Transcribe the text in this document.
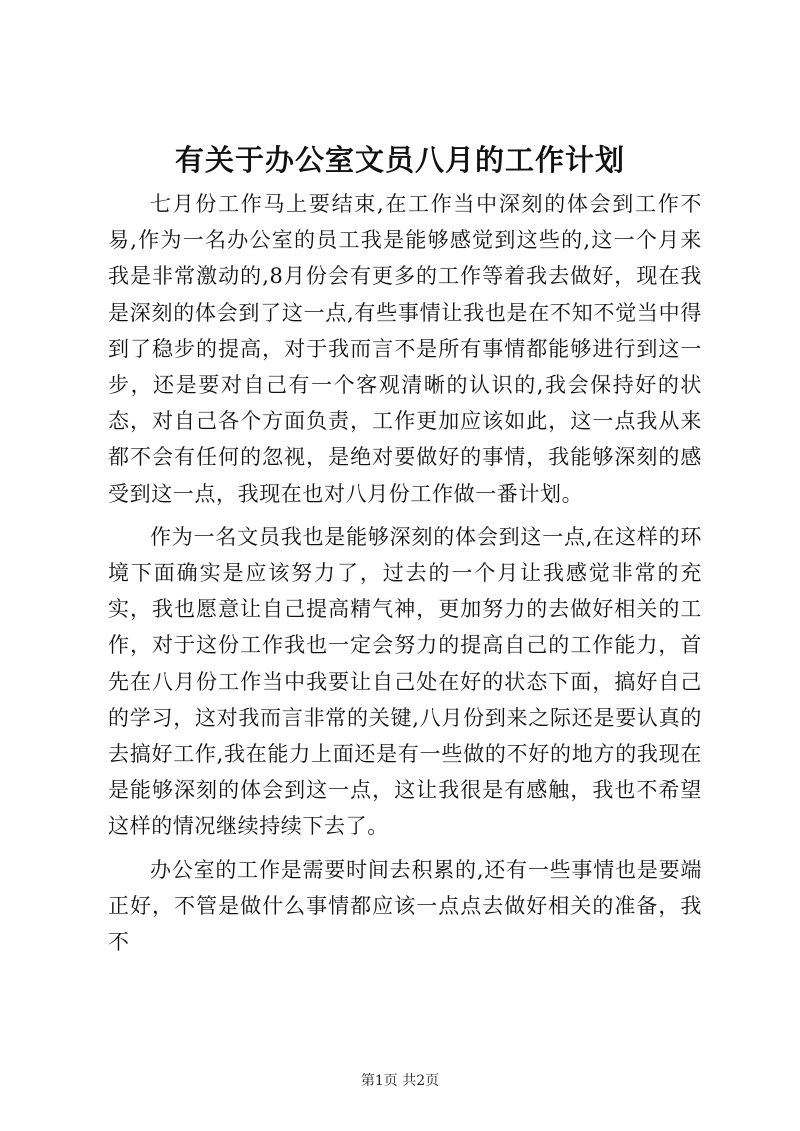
有关于办公室文员八月的工作计划

七月份工作马上要结束,在工作当中深刻的体会到工作不易,作为一名办公室的员工我是能够感觉到这些的,这一个月来我是非常激动的,8月份会有更多的工作等着我去做好，现在我是深刻的体会到了这一点,有些事情让我也是在不知不觉当中得到了稳步的提高，对于我而言不是所有事情都能够进行到这一步，还是要对自己有一个客观清晰的认识的,我会保持好的状态，对自己各个方面负责，工作更加应该如此，这一点我从来都不会有任何的忽视，是绝对要做好的事情，我能够深刻的感受到这一点，我现在也对八月份工作做一番计划。

作为一名文员我也是能够深刻的体会到这一点,在这样的环境下面确实是应该努力了，过去的一个月让我感觉非常的充实，我也愿意让自己提高精气神，更加努力的去做好相关的工作，对于这份工作我也一定会努力的提高自己的工作能力，首先在八月份工作当中我要让自己处在好的状态下面，搞好自己的学习，这对我而言非常的关键,八月份到来之际还是要认真的去搞好工作,我在能力上面还是有一些做的不好的地方的我现在是能够深刻的体会到这一点，这让我很是有感触，我也不希望这样的情况继续持续下去了。

办公室的工作是需要时间去积累的,还有一些事情也是要端正好，不管是做什么事情都应该一点点去做好相关的准备，我不

第1页 共2页
